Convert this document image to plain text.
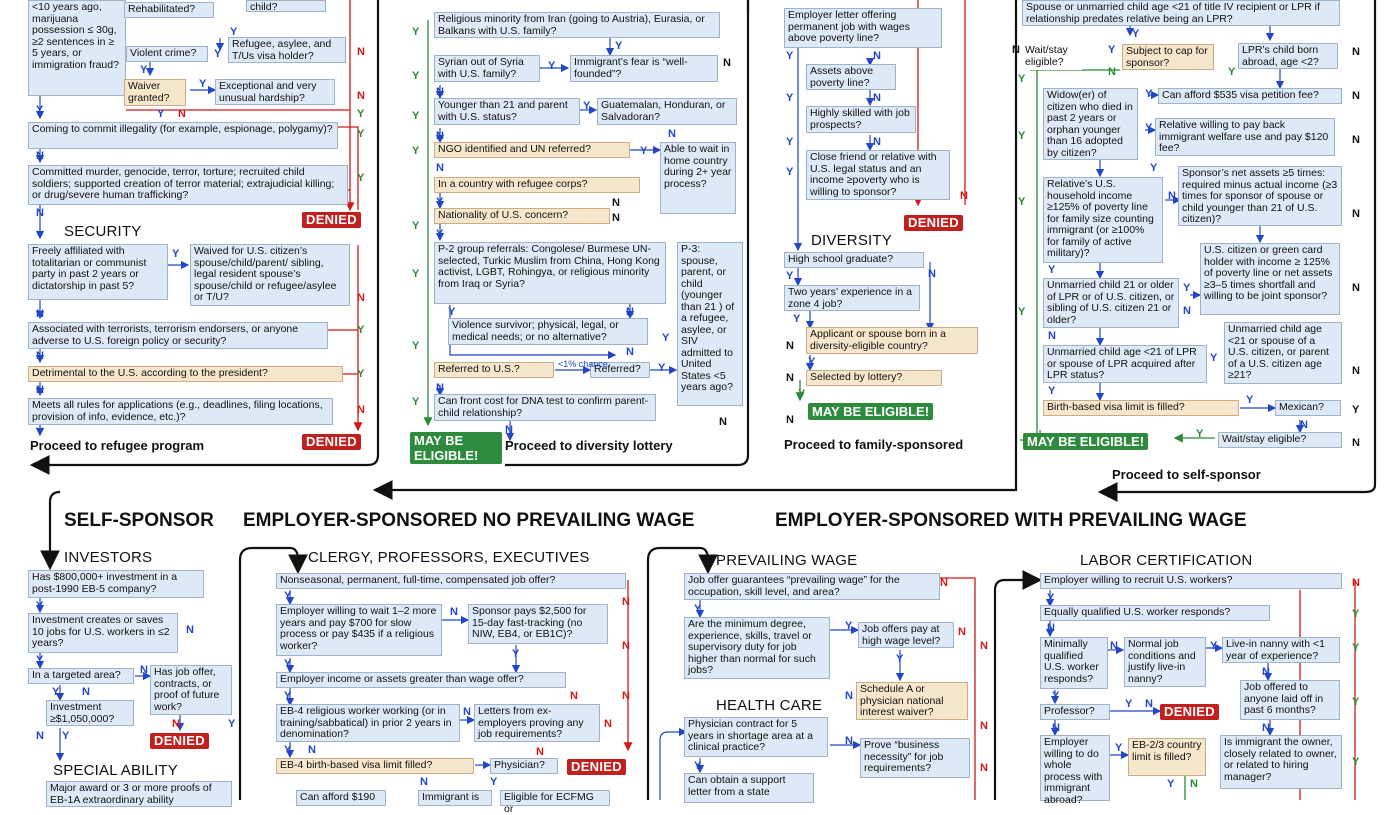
SELF-SPONSOR EMPLOYER-SPONSORED NO PREVAILING WAGE	EMPLOYER-SPONSORED WITH PREVAILING WAGE
SECURITY
DIVERSITY
INVESTORS
SPECIAL ABILITY
CLERGY, PROFESSORS, EXECUTIVES	PREVAILING WAGE
HEALTH CARE
LABOR CERTIFICATION
Proceed to refugee program	Proceed to diversity lottery	Proceed to family-sponsored
Proceed to self-sponsor
<10 years ago, marijuana possession ≤ 30g, ≥2 sentences in ≥ 5 years, or immigration fraud?
Rehabilitated?	child?
Violent crime?
Refugee, asylee, and T/Us visa holder?
Waiver granted?
Exceptional and very unusual hardship?
Coming to commit illegality (for example, espionage, polygamy)?
Committed murder, genocide, terror, torture; recruited child soldiers; supported creation of terror material; extrajudicial killing; or drug/severe human trafficking?
DENIED
Freely affiliated with totalitarian or communist party in past 2 years or dictatorship in past 5?
Waived for U.S. citizen’s spouse/child/parent/ sibling, legal resident spouse’s spouse/child or refugee/asylee or T/U?
Associated with terrorists, terrorism endorsers, or anyone adverse to U.S. foreign policy or security?
Detrimental to the U.S. according to the president?
Meets all rules for applications (e.g., deadlines, filing locations, provision of info, evidence, etc.)?
DENIED
Religious minority from Iran (going to Austria), Eurasia, or Balkans with U.S. family?
Syrian out of Syria with U.S. family?
Immigrant’s fear is “well-founded”?
Younger than 21 and parent with U.S. status?
Guatemalan, Honduran, or Salvadoran?
NGO identified and UN referred?	Able to wait in home country during 2+ year process?
In a country with refugee corps?
Nationality of U.S. concern?
P-2 group referrals: Congolese/ Burmese UN-selected, Turkic Muslim from China, Hong Kong activist, LGBT, Rohingya, or religious minority from Iraq or Syria?
P-3: spouse, parent, or child (younger than 21 ) of a refugee, asylee, or SIV admitted to United States <5 years ago?
Violence survivor; physical, legal, or medical needs; or no alternative?
Referred to U.S.?	<1% chance
Referred?
Can front cost for DNA test to confirm parent-child relationship?
MAY BE
ELIGIBLE!
Employer letter offering permanent job with wages above poverty line?
Assets above poverty line?
Highly skilled with job prospects?
Close friend or relative with U.S. legal status and an income ≥poverty who is willing to sponsor?
DENIED
High school graduate?
Two years’ experience in a zone 4 job?
Applicant or spouse born in a diversity-eligible country?
Selected by lottery?
MAY BE ELIGIBLE!
Spouse or unmarried child age <21 of title IV recipient or LPR if relationship predates relative being an LPR?
Wait/stay eligible?
Subject to cap for sponsor?
LPR’s child born abroad, age <2?
Can afford $535 visa petition fee?
Widow(er) of citizen who died in past 2 years or orphan younger than 16 adopted by citizen?
Relative willing to pay back immigrant welfare use and pay $120 fee?
Relative’s U.S. household income ≥125% of poverty line for family size counting immigrant (or ≥100% for family of active military)?
Sponsor’s net assets ≥5 times: required minus actual income (≥3 times for sponsor of spouse or child younger than 21 of U.S. citizen)?
U.S. citizen or green card holder with income ≥ 125% of poverty line or net assets ≥3–5 times shortfall and willing to be joint sponsor?
Unmarried child 21 or older of LPR or of U.S. citizen, or sibling of U.S. citizen 21 or older?
Unmarried child age <21 of LPR or spouse of LPR acquired after LPR status?
Unmarried child age <21 or spouse of a U.S. citizen, or parent of a U.S. citizen age ≥21?
Birth-based visa limit is filled?	Mexican?
Wait/stay eligible?
MAY BE ELIGIBLE!
Has $800,000+ investment in a post-1990 EB-5 company?
Investment creates or saves 10 jobs for U.S. workers in ≤2 years?
In a targeted area?	Has job offer, contracts, or proof of future work?
Investment ≥$1,050,000?
DENIED
Major award or 3 or more proofs of EB-1A extraordinary ability
Nonseasonal, permanent, full-time, compensated job offer?
Employer willing to wait 1–2 more years and pay $700 for slow process or pay $435 if a religious worker?
Sponsor pays $2,500 for 15-day fast-tracking (no NIW, EB4, or EB1C)?
Employer income or assets greater than wage offer?
EB-4 religious worker working (or in training/sabbatical) in prior 2 years in denomination?
Letters from ex-employers proving any job requirements?
EB-4 birth-based visa limit filled?	Physician?	DENIED
Can afford $190	Immigrant is	Eligible for ECFMG or
Job offer guarantees “prevailing wage” for the occupation, skill level, and area?
Are the minimum degree, experience, skills, travel or supervisory duty for job higher than normal for such jobs?
Job offers pay at high wage level?
Schedule A or physician national interest waiver?
Physician contract for 5 years in shortage area at a clinical practice?	Prove “business necessity” for job requirements?
Can obtain a support letter from a state
Employer willing to recruit U.S. workers?
Equally qualified U.S. worker responds?
Minimally qualified U.S. worker responds?
Normal job conditions and justify live-in nanny?
Live-in nanny with <1 year of experience?
Job offered to anyone laid off in past 6 months?
Professor?	DENIED
Employer willing to do whole process with immigrant abroad?
EB-2/3 country limit is filled?
Is immigrant the owner, closely related to owner, or related to hiring manager?
Y
Y	N
Y
Y
N
N
Y	Y
Y
N
Y
Y
N
Y
N
N
Y
N
Y
N
N
Y
Y
Y
Y	N
Y
N
Y
Y
N	N
Y	Y
N
N
Y
N
Y
Y
Y
Y	N
Y
N
Y
N
Y
Y
N
N
Y	N
Y	N
Y	N
Y
N
Y	N
Y
N
Y
N
Y
N
N	Y
N	Y
Y
N
Y
Y	N
Y
Y
N
Y
N
Y
N
Y
Y	N
N
Y
N
Y
N
Y
Y
Y
N
N
Y
Y
N
Y
N
Y N
N	Y
Y
N
Y	N
N
Y
Y
N
Y	N	N
N
N
Y N	N
Y
N
N
Y
Y	N
N
Y
N
N
N
N
Y
N
Y
Y
N
N	Y	Y
N
Y
Y N	Y
N
Y
N
Y
Y N
